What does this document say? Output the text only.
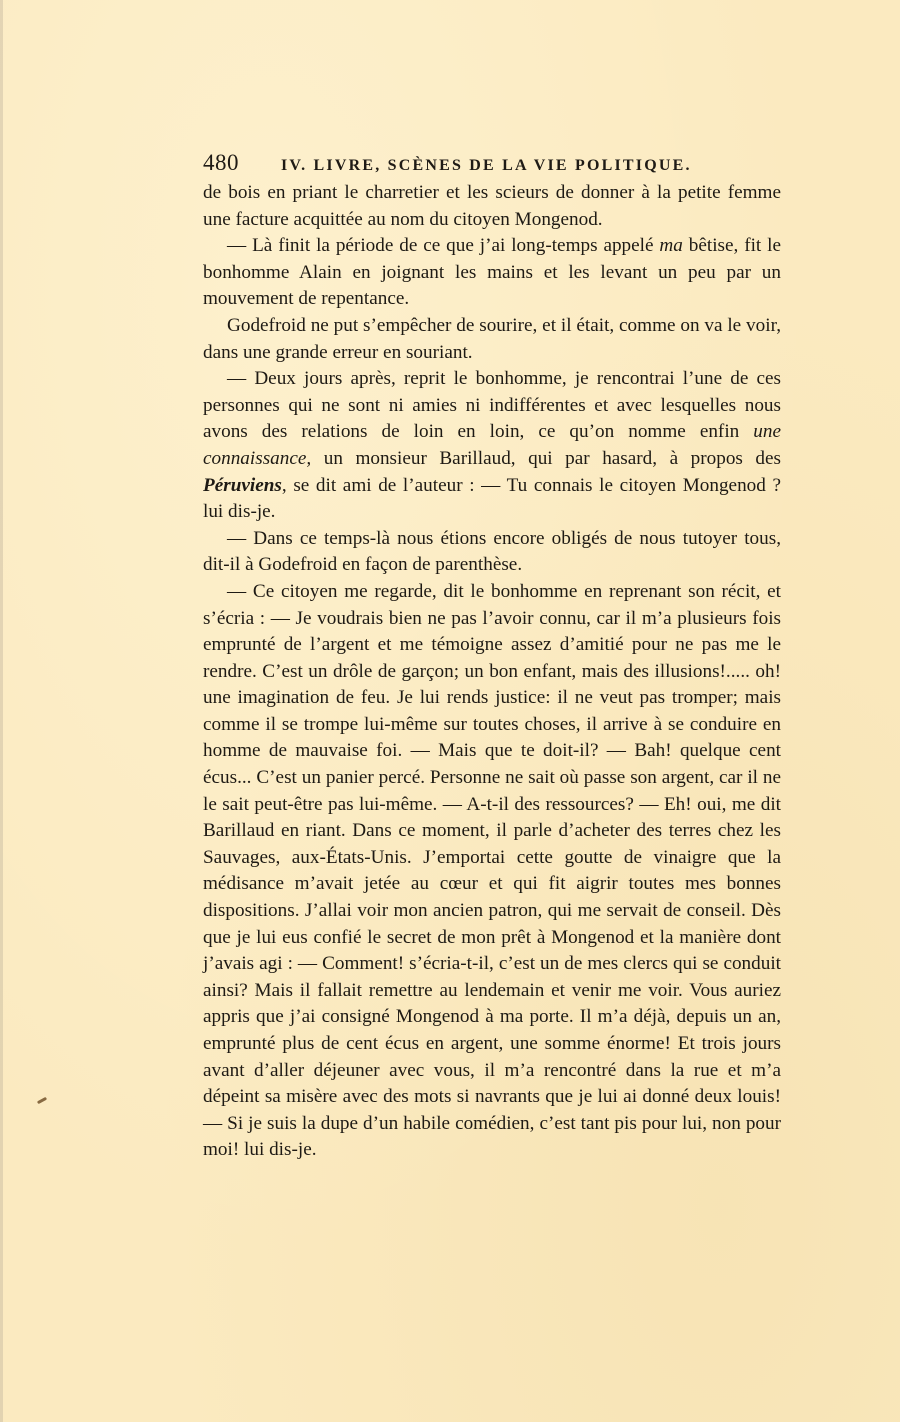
480	IV. LIVRE, SCÈNES DE LA VIE POLITIQUE.

de bois en priant le charretier et les scieurs de donner à la petite femme une facture acquittée au nom du citoyen Mongenod.

— Là finit la période de ce que j’ai long-temps appelé ma bêtise, fit le bonhomme Alain en joignant les mains et les levant un peu par un mouvement de repentance.

Godefroid ne put s’empêcher de sourire, et il était, comme on va le voir, dans une grande erreur en souriant.

— Deux jours après, reprit le bonhomme, je rencontrai l’une de ces personnes qui ne sont ni amies ni indifférentes et avec lesquelles nous avons des relations de loin en loin, ce qu’on nomme enfin une connaissance, un monsieur Barillaud, qui par hasard, à propos des Péruviens, se dit ami de l’auteur : — Tu connais le citoyen Mongenod ? lui dis-je.

— Dans ce temps-là nous étions encore obligés de nous tutoyer tous, dit-il à Godefroid en façon de parenthèse.

— Ce citoyen me regarde, dit le bonhomme en reprenant son récit, et s’écria : — Je voudrais bien ne pas l’avoir connu, car il m’a plusieurs fois emprunté de l’argent et me témoigne assez d’amitié pour ne pas me le rendre. C’est un drôle de garçon; un bon enfant, mais des illusions!..... oh! une imagination de feu. Je lui rends justice: il ne veut pas tromper; mais comme il se trompe lui-même sur toutes choses, il arrive à se conduire en homme de mauvaise foi. — Mais que te doit-il? — Bah! quelque cent écus... C’est un panier percé. Personne ne sait où passe son argent, car il ne le sait peut-être pas lui-même. — A-t-il des ressources? — Eh! oui, me dit Barillaud en riant. Dans ce moment, il parle d’acheter des terres chez les Sauvages, aux-États-Unis. J’emportai cette goutte de vinaigre que la médisance m’avait jetée au cœur et qui fit aigrir toutes mes bonnes dispositions. J’allai voir mon ancien patron, qui me servait de conseil. Dès que je lui eus confié le secret de mon prêt à Mongenod et la manière dont j’avais agi : — Comment! s’écria-t-il, c’est un de mes clercs qui se conduit ainsi? Mais il fallait remettre au lendemain et venir me voir. Vous auriez appris que j’ai consigné Mongenod à ma porte. Il m’a déjà, depuis un an, emprunté plus de cent écus en argent, une somme énorme! Et trois jours avant d’aller déjeuner avec vous, il m’a rencontré dans la rue et m’a dépeint sa misère avec des mots si navrants que je lui ai donné deux louis! — Si je suis la dupe d’un habile comédien, c’est tant pis pour lui, non pour moi! lui dis-je.
